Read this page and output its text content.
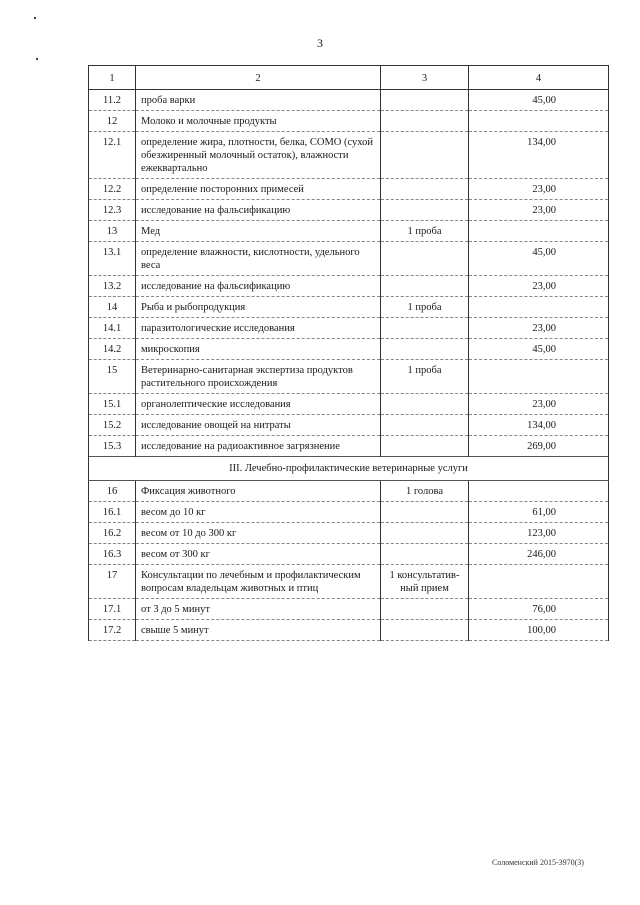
3
1	2	3	4
11.2	проба варки		45,00
12	Молоко и молочные продукты		
12.1	определение жира, плотности, белка, СОМО (сухой обезжиренный молочный остаток), влажности ежеквартально		134,00
12.2	определение посторонних примесей		23,00
12.3	исследование на фальсификацию		23,00
13	Мед	1 проба	
13.1	определение влажности, кислотности, удельного веса		45,00
13.2	исследование на фальсификацию		23,00
14	Рыба и рыбопродукция	1 проба	
14.1	паразитологические исследования		23,00
14.2	микроскопия		45,00
15	Ветеринарно-санитарная экспертиза продуктов растительного происхождения	1 проба	
15.1	органолептические исследования		23,00
15.2	исследование овощей на нитраты		134,00
15.3	исследование на радиоактивное загрязнение		269,00
III. Лечебно-профилактические ветеринарные услуги			
16	Фиксация животного	1 голова	
16.1	весом до 10 кг		61,00
16.2	весом от 10 до 300 кг		123,00
16.3	весом от 300 кг		246,00
17	Консультации по лечебным и профилактическим вопросам владельцам животных и птиц	1 консультатив-ный прием	
17.1	от 3 до 5 минут		76,00
17.2	свыше 5 минут		100,00
Соломенский 2015-3970(3)
